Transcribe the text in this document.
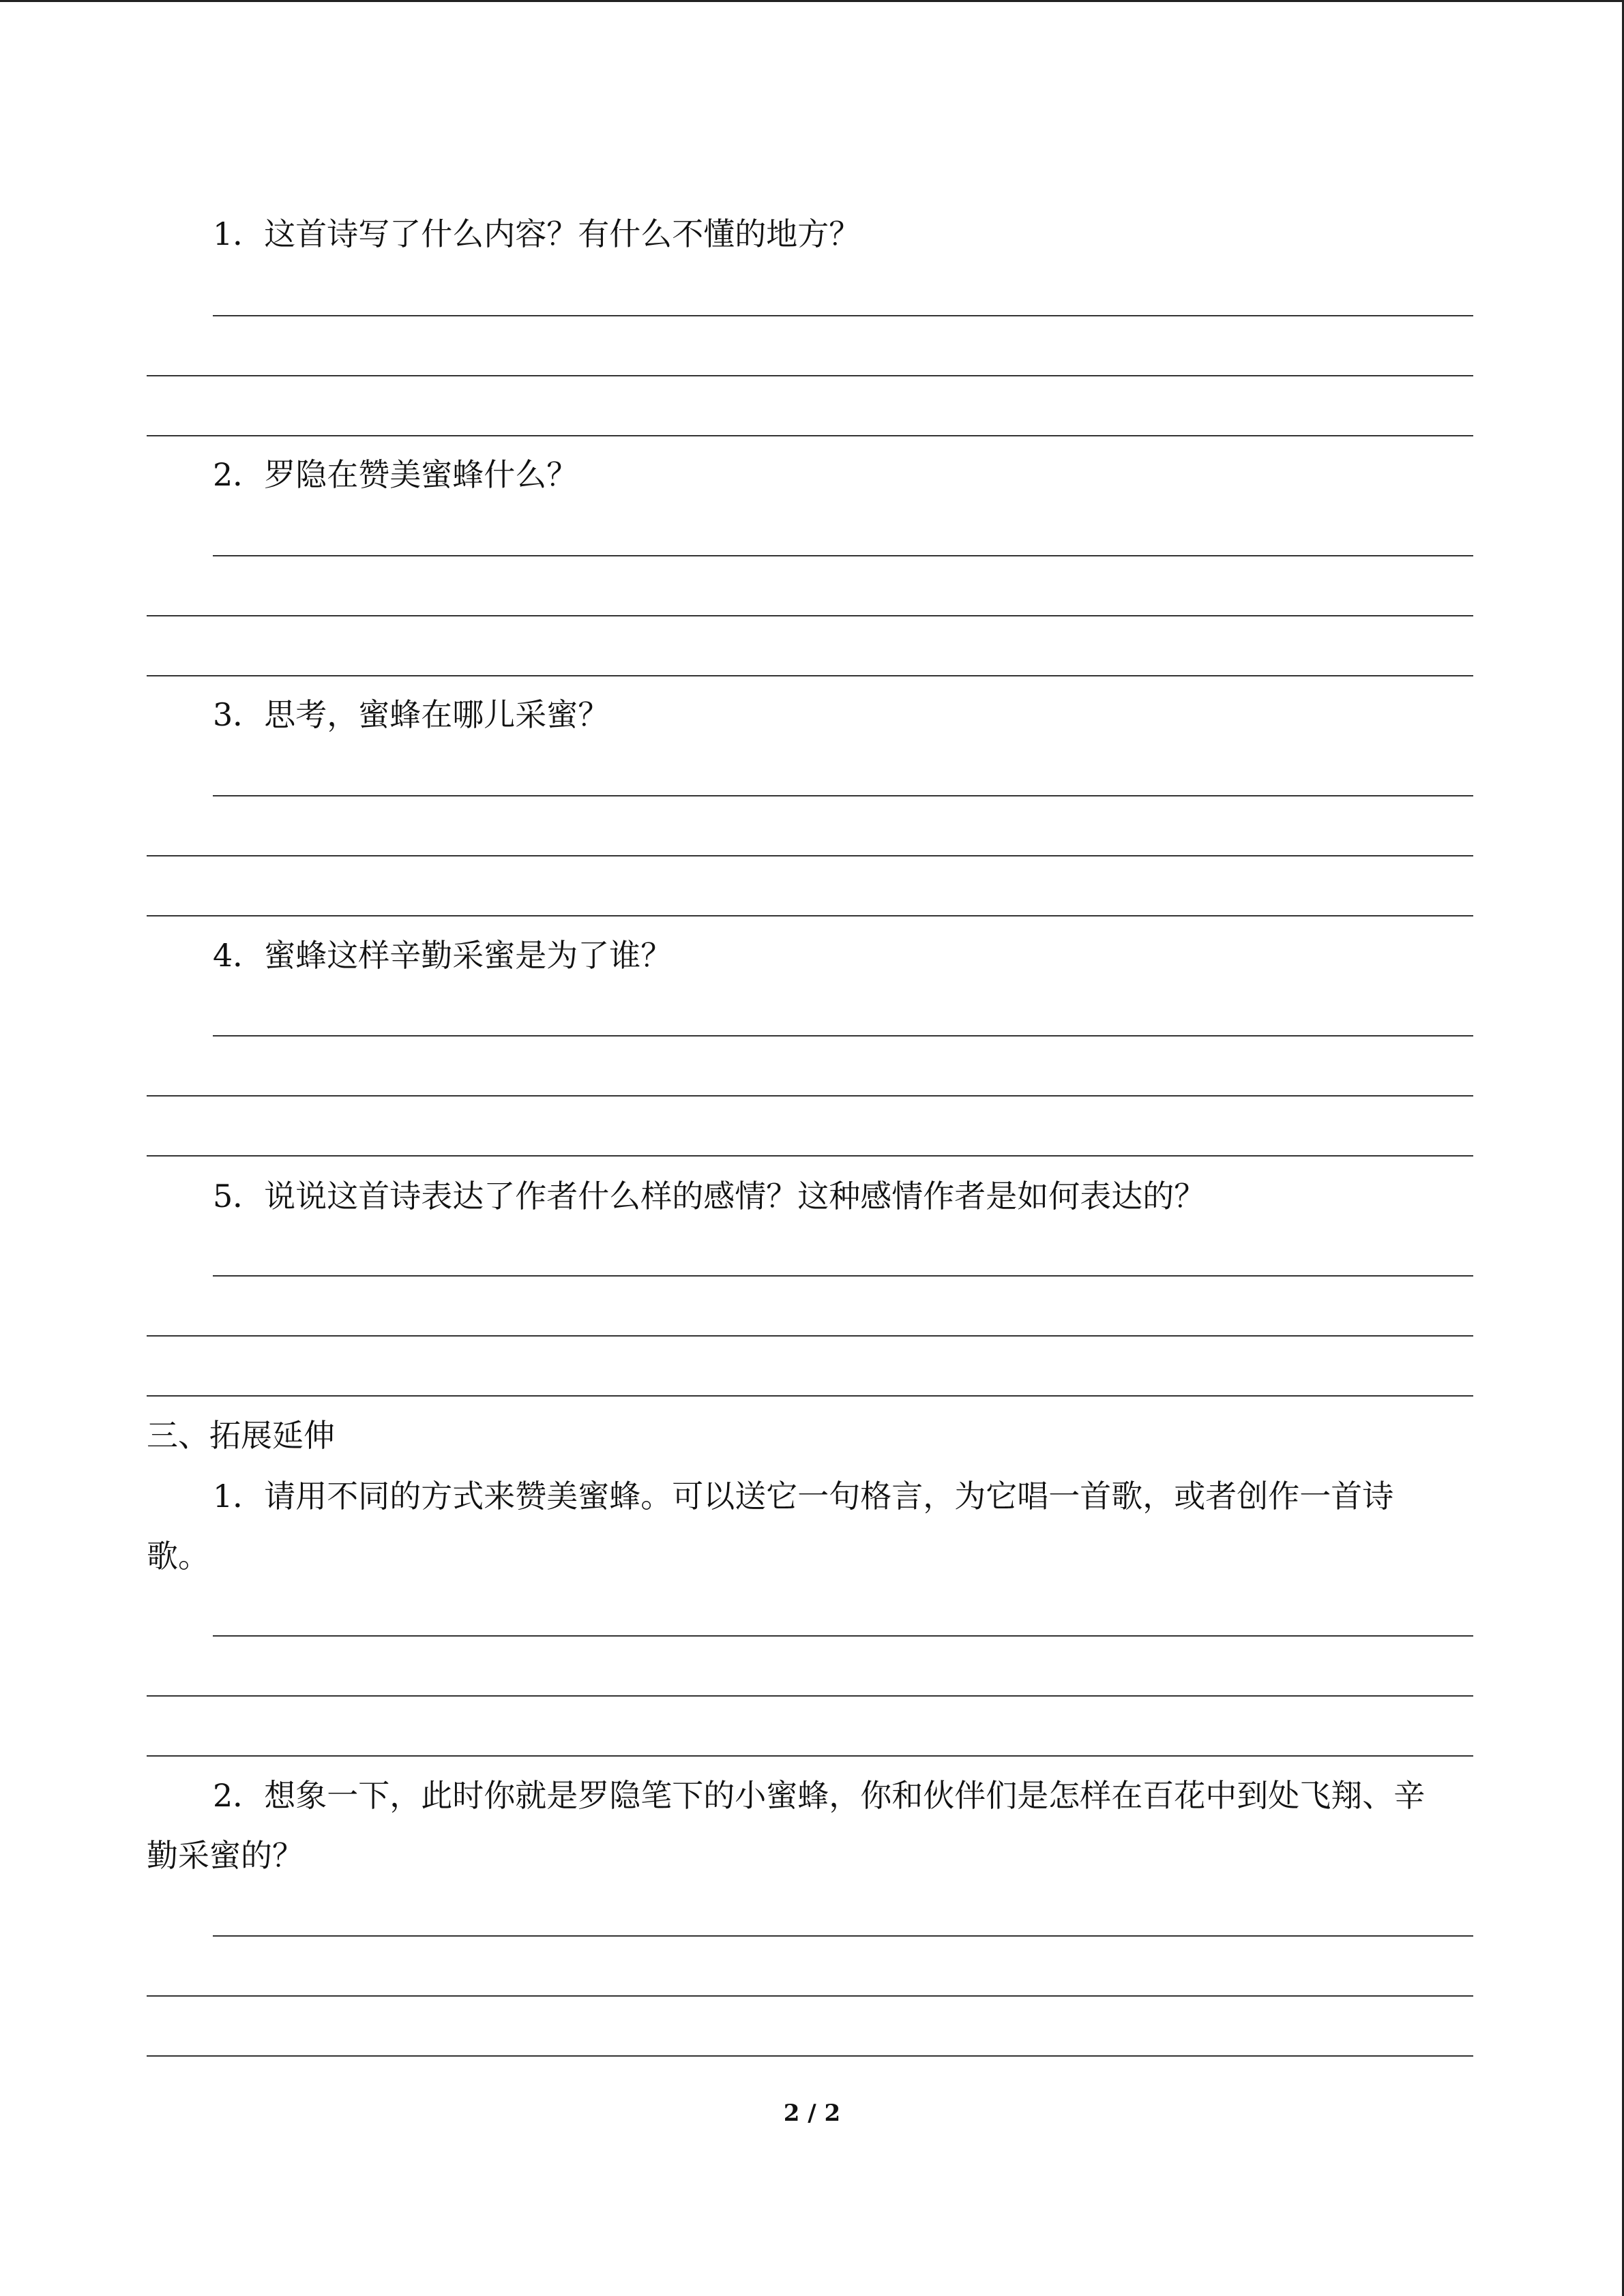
1．这首诗写了什么内容？有什么不懂的地方？
2．罗隐在赞美蜜蜂什么？
3．思考，蜜蜂在哪儿采蜜？
4．蜜蜂这样辛勤采蜜是为了谁？
5．说说这首诗表达了作者什么样的感情？这种感情作者是如何表达的？
三、拓展延伸
1．请用不同的方式来赞美蜜蜂。可以送它一句格言，为它唱一首歌，或者创作一首诗
歌。
2．想象一下，此时你就是罗隐笔下的小蜜蜂，你和伙伴们是怎样在百花中到处飞翔、辛
勤采蜜的？
2 / 2
